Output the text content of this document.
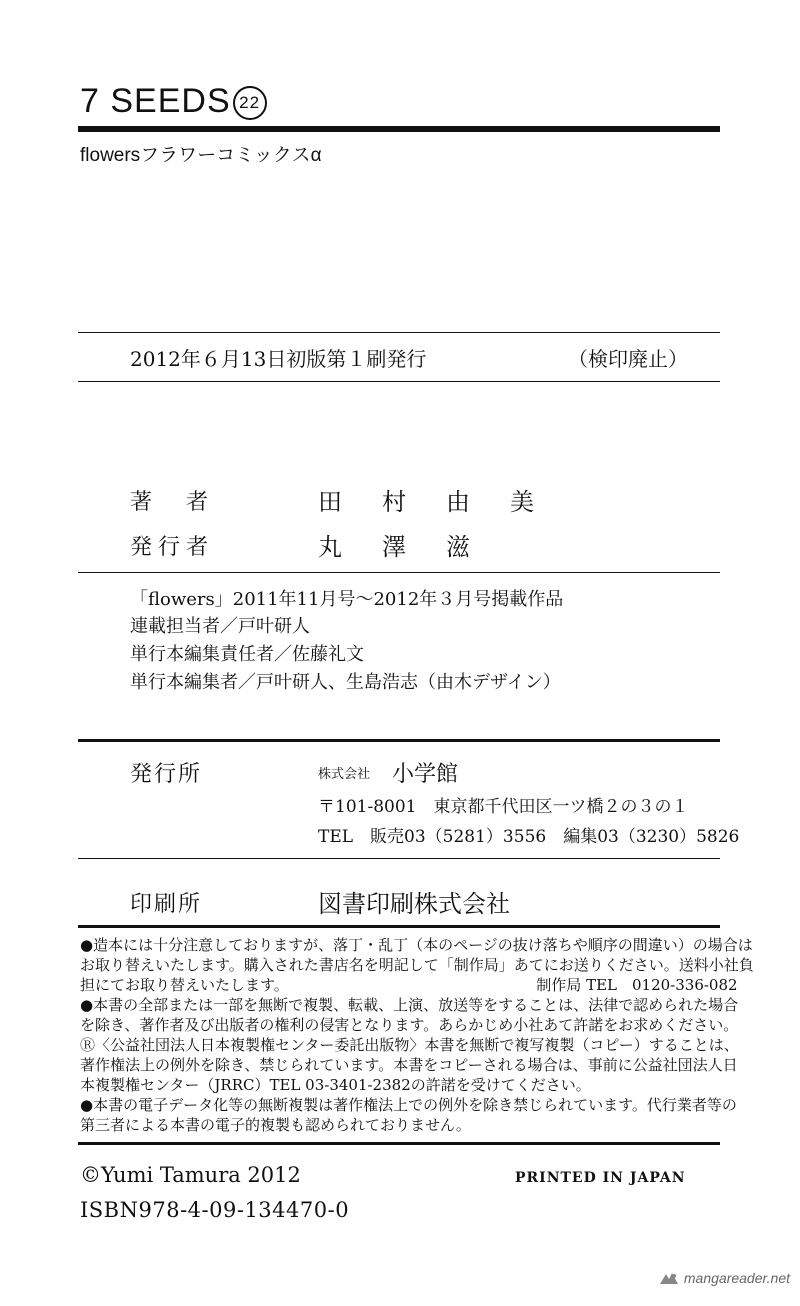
7 SEEDS 22
flowersフラワーコミックスα
2012年６月13日初版第１刷発行	（検印廃止）
著　者	田村由美
発行者	丸澤滋
「flowers」2011年11月号～2012年３月号掲載作品
連載担当者／戸叶研人
単行本編集責任者／佐藤礼文
単行本編集者／戸叶研人、生島浩志（由木デザイン）
発行所	株式会社 小学館
〒101-8001　東京都千代田区一ツ橋２の３の１
TEL　販売03（5281）3556　編集03（3230）5826
印刷所	図書印刷株式会社
●造本には十分注意しておりますが、落丁・乱丁（本のページの抜け落ちや順序の間違い）の場合は
お取り替えいたします。購入された書店名を明記して「制作局」あてにお送りください。送料小社負
担にてお取り替えいたします。　　　　　　　　　　　　　　　　　制作局 TEL　0120-336-082
●本書の全部または一部を無断で複製、転載、上演、放送等をすることは、法律で認められた場合
を除き、著作者及び出版者の権利の侵害となります。あらかじめ小社あて許諾をお求めください。
Ⓡ〈公益社団法人日本複製権センター委託出版物〉本書を無断で複写複製（コピー）することは、
著作権法上の例外を除き、禁じられています。本書をコピーされる場合は、事前に公益社団法人日
本複製権センター（JRRC）TEL 03-3401-2382の許諾を受けてください。
●本書の電子データ化等の無断複製は著作権法上での例外を除き禁じられています。代行業者等の
第三者による本書の電子的複製も認められておりません。
©Yumi Tamura 2012
ISBN978-4-09-134470-0
PRINTED IN JAPAN
mangareader.net
